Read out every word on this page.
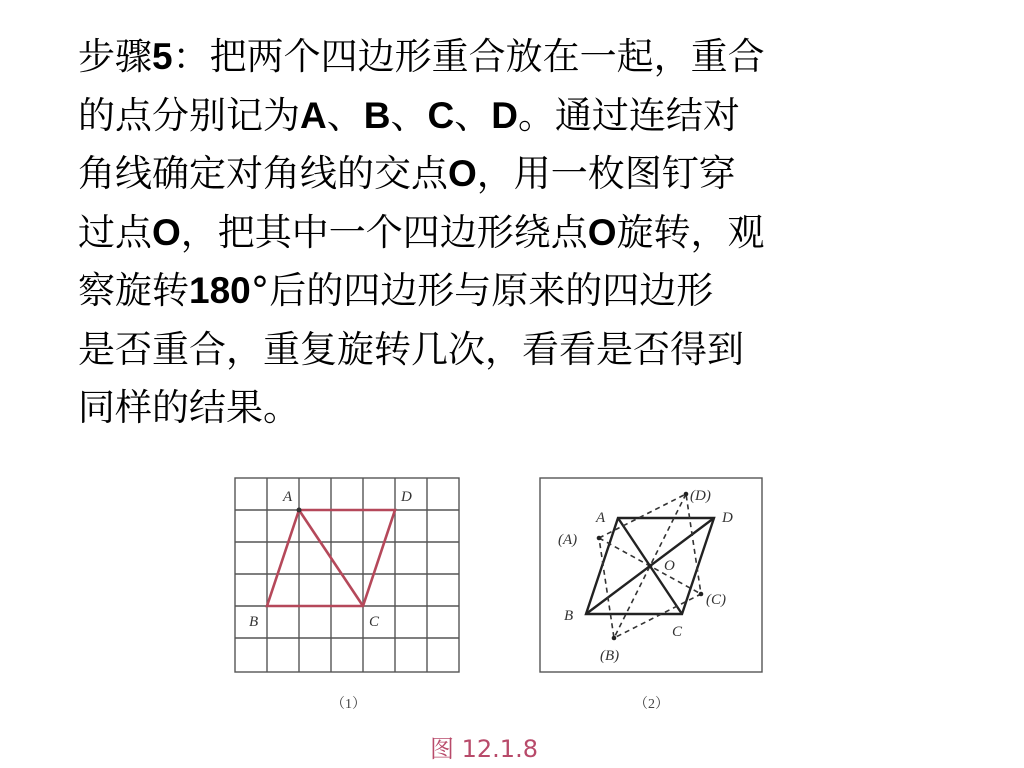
步骤5：把两个四边形重合放在一起，重合
的点分别记为A、B、C、D。通过连结对
角线确定对角线的交点O，用一枚图钉穿
过点O，把其中一个四边形绕点O旋转，观
察旋转180°后的四边形与原来的四边形
是否重合，重复旋转几次，看看是否得到
同样的结果。
A	D
B	C
（1）
A	D
B
C
O
(D)
(A)
(C)
(B)
（2）
图 12.1.8
